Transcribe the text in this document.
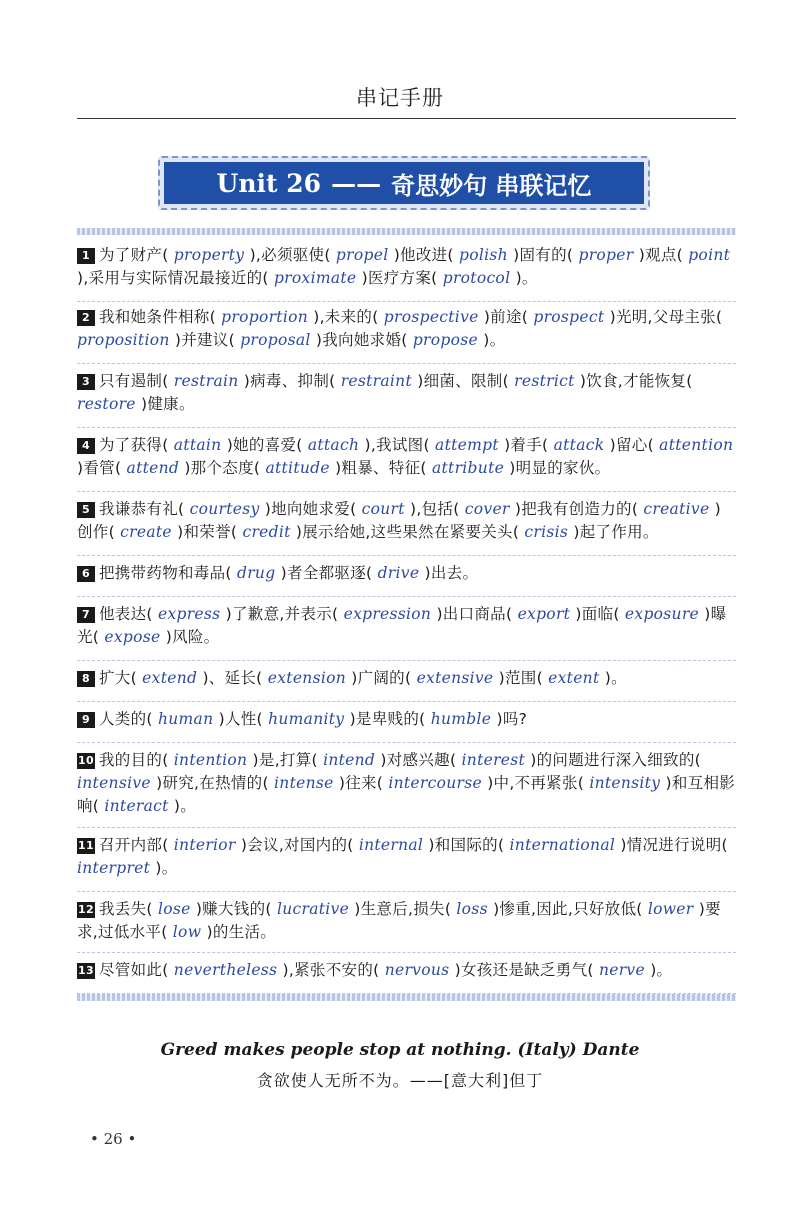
串记手册
Unit 26 —— 奇思妙句 串联记忆
1 为了财产( property ),必须驱使( propel )他改进( polish )固有的( proper )观点( point ),采用与实际情况最接近的( proximate )医疗方案( protocol )。
2 我和她条件相称( proportion ),未来的( prospective )前途( prospect )光明,父母主张( proposition )并建议( proposal )我向她求婚( propose )。
3 只有遏制( restrain )病毒、抑制( restraint )细菌、限制( restrict )饮食,才能恢复( restore )健康。
4 为了获得( attain )她的喜爱( attach ),我试图( attempt )着手( attack )留心( attention )看管( attend )那个态度( attitude )粗暴、特征( attribute )明显的家伙。
5 我谦恭有礼( courtesy )地向她求爱( court ),包括( cover )把我有创造力的( creative )创作( create )和荣誉( credit )展示给她,这些果然在紧要关头( crisis )起了作用。
6 把携带药物和毒品( drug )者全都驱逐( drive )出去。
7 他表达( express )了歉意,并表示( expression )出口商品( export )面临( exposure )曝光( expose )风险。
8 扩大( extend )、延长( extension )广阔的( extensive )范围( extent )。
9 人类的( human )人性( humanity )是卑贱的( humble )吗?
10 我的目的( intention )是,打算( intend )对感兴趣( interest )的问题进行深入细致的( intensive )研究,在热情的( intense )往来( intercourse )中,不再紧张( intensity )和互相影响( interact )。
11 召开内部( interior )会议,对国内的( internal )和国际的( international )情况进行说明( interpret )。
12 我丢失( lose )赚大钱的( lucrative )生意后,损失( loss )惨重,因此,只好放低( lower )要求,过低水平( low )的生活。
13 尽管如此( nevertheless ),紧张不安的( nervous )女孩还是缺乏勇气( nerve )。
Greed makes people stop at nothing. (Italy) Dante
贪欲使人无所不为。——[意大利]但丁
• 26 •
